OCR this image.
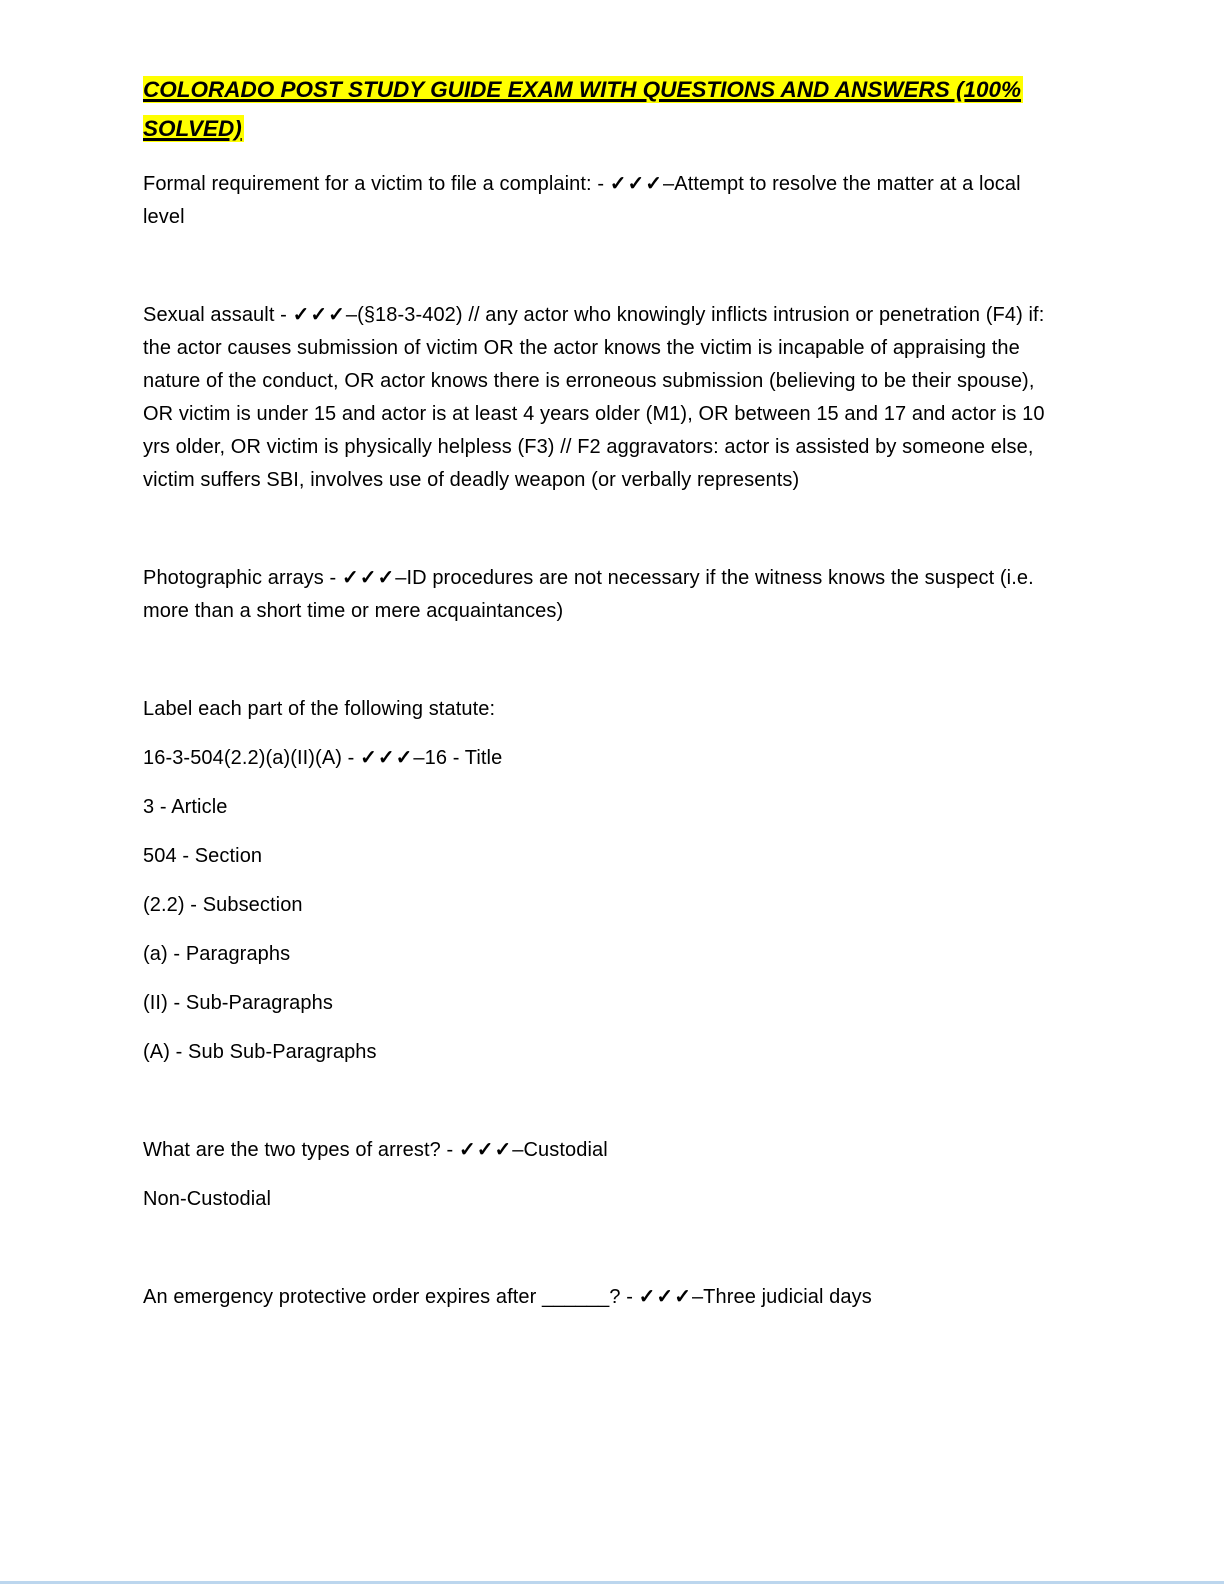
COLORADO POST STUDY GUIDE EXAM WITH QUESTIONS AND ANSWERS (100% SOLVED)

Formal requirement for a victim to file a complaint: - ✓✓✓–Attempt to resolve the matter at a local level

Sexual assault - ✓✓✓–(§18-3-402) // any actor who knowingly inflicts intrusion or penetration (F4) if: the actor causes submission of victim OR the actor knows the victim is incapable of appraising the nature of the conduct, OR actor knows there is erroneous submission (believing to be their spouse), OR victim is under 15 and actor is at least 4 years older (M1), OR between 15 and 17 and actor is 10 yrs older, OR victim is physically helpless (F3) // F2 aggravators: actor is assisted by someone else, victim suffers SBI, involves use of deadly weapon (or verbally represents)

Photographic arrays - ✓✓✓–ID procedures are not necessary if the witness knows the suspect (i.e. more than a short time or mere acquaintances)

Label each part of the following statute:

16-3-504(2.2)(a)(II)(A) - ✓✓✓–16 - Title

3 - Article

504 - Section

(2.2) - Subsection

(a) - Paragraphs

(II) - Sub-Paragraphs

(A) - Sub Sub-Paragraphs

What are the two types of arrest? - ✓✓✓–Custodial

Non-Custodial

An emergency protective order expires after ______? - ✓✓✓–Three judicial days
